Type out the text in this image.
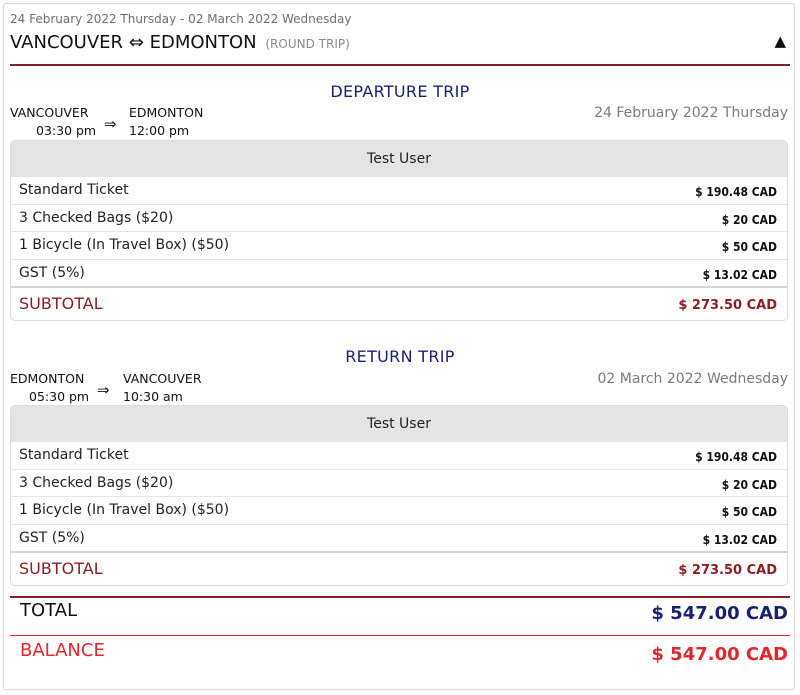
24 February 2022 Thursday - 02 March 2022 Wednesday
VANCOUVER ⇔ EDMONTON (ROUND TRIP)	▲
DEPARTURE TRIP
VANCOUVER
03:30 pm ⇒
EDMONTON
12:00 pm
24 February 2022 Thursday
Test User
Standard Ticket	$ 190.48 CAD
3 Checked Bags ($20)	$ 20 CAD
1 Bicycle (In Travel Box) ($50)	$ 50 CAD
GST (5%)	$ 13.02 CAD
SUBTOTAL	$ 273.50 CAD
RETURN TRIP
EDMONTON
05:30 pm ⇒
VANCOUVER
10:30 am
02 March 2022 Wednesday
Test User
Standard Ticket	$ 190.48 CAD
3 Checked Bags ($20)	$ 20 CAD
1 Bicycle (In Travel Box) ($50)	$ 50 CAD
GST (5%)	$ 13.02 CAD
SUBTOTAL	$ 273.50 CAD
TOTAL	$ 547.00 CAD
BALANCE	$ 547.00 CAD
